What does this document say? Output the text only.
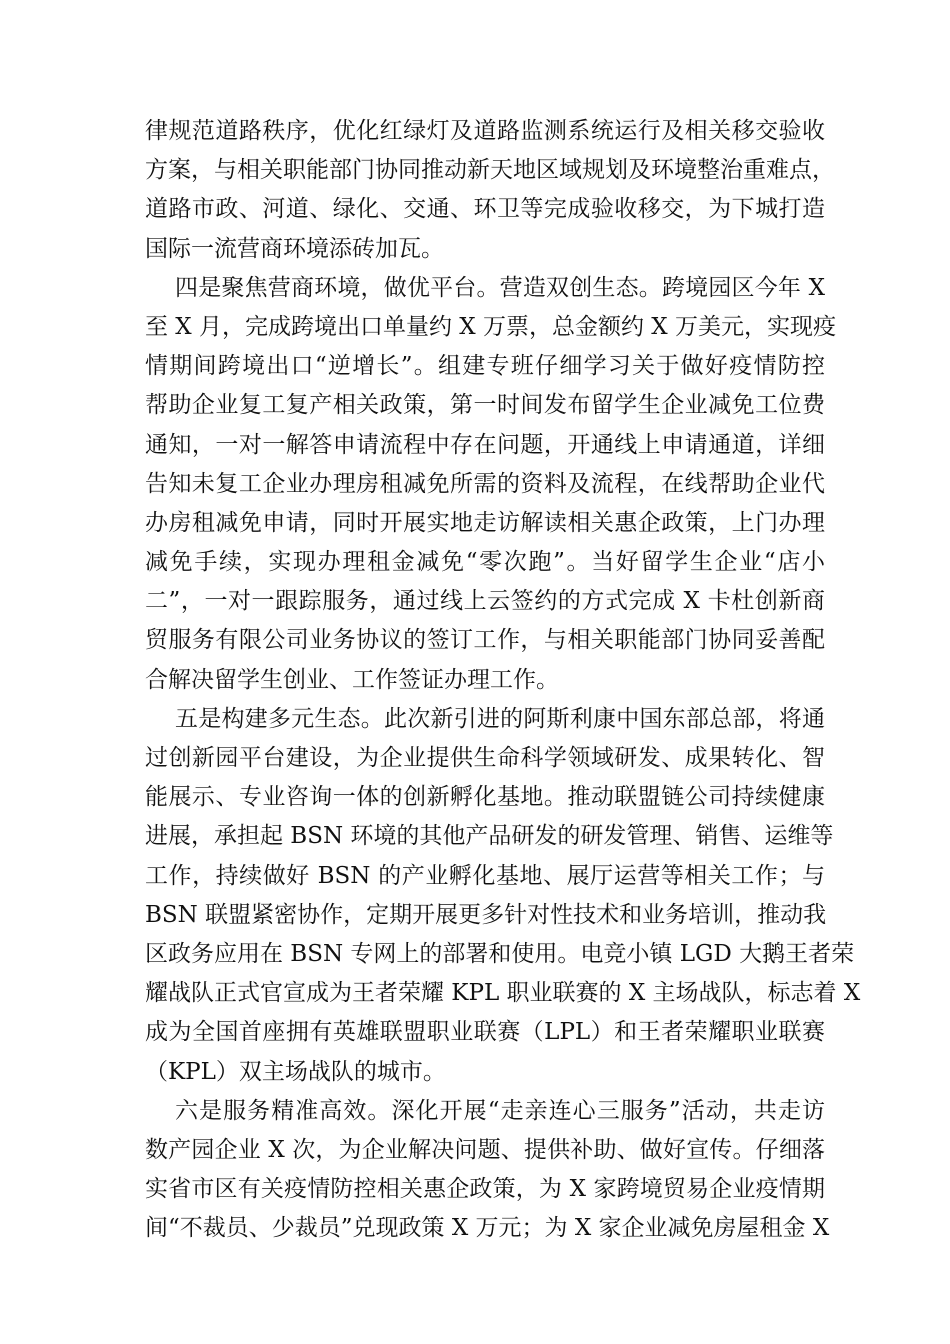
律规范道路秩序，优化红绿灯及道路监测系统运行及相关移交验收
方案，与相关职能部门协同推动新天地区域规划及环境整治重难点，
道路市政、河道、绿化、交通、环卫等完成验收移交，为下城打造
国际一流营商环境添砖加瓦。
四是聚焦营商环境，做优平台。营造双创生态。跨境园区今年 X
至 X 月，完成跨境出口单量约 X 万票，总金额约 X 万美元，实现疫
情期间跨境出口“逆增长”。组建专班仔细学习关于做好疫情防控
帮助企业复工复产相关政策，第一时间发布留学生企业减免工位费
通知，一对一解答申请流程中存在问题，开通线上申请通道，详细
告知未复工企业办理房租减免所需的资料及流程，在线帮助企业代
办房租减免申请，同时开展实地走访解读相关惠企政策，上门办理
减免手续，实现办理租金减免“零次跑”。当好留学生企业“店小
二”，一对一跟踪服务，通过线上云签约的方式完成 X 卡杜创新商
贸服务有限公司业务协议的签订工作，与相关职能部门协同妥善配
合解决留学生创业、工作签证办理工作。
五是构建多元生态。此次新引进的阿斯利康中国东部总部，将通
过创新园平台建设，为企业提供生命科学领域研发、成果转化、智
能展示、专业咨询一体的创新孵化基地。推动联盟链公司持续健康
进展，承担起 BSN 环境的其他产品研发的研发管理、销售、运维等
工作，持续做好 BSN 的产业孵化基地、展厅运营等相关工作；与
BSN 联盟紧密协作，定期开展更多针对性技术和业务培训，推动我
区政务应用在 BSN 专网上的部署和使用。电竞小镇 LGD 大鹅王者荣
耀战队正式官宣成为王者荣耀 KPL 职业联赛的 X 主场战队，标志着 X
成为全国首座拥有英雄联盟职业联赛（LPL）和王者荣耀职业联赛
（KPL）双主场战队的城市。
六是服务精准高效。深化开展“走亲连心三服务”活动，共走访
数产园企业 X 次，为企业解决问题、提供补助、做好宣传。仔细落
实省市区有关疫情防控相关惠企政策，为 X 家跨境贸易企业疫情期
间“不裁员、少裁员”兑现政策 X 万元；为 X 家企业减免房屋租金 X
